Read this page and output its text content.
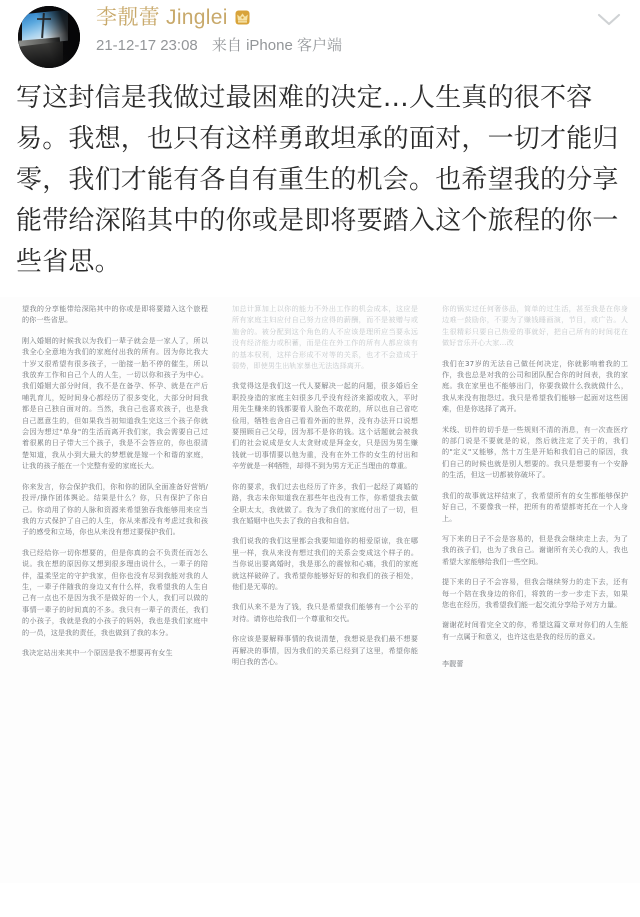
李靓蕾 Jinglei
21-12-17 23:08 来自 iPhone 客户端
写这封信是我做过最困难的决定…人生真的很不容易。我想，也只有这样勇敢坦承的面对，一切才能归零，我们才能有各自有重生的机会。也希望我的分享能带给深陷其中的你或是即将要踏入这个旅程的你一些省思。

望我的分享能带给深陷其中的你或是即将要踏入这个旅程的你一些省思。

刚入婚姻的时候我以为我们一辈子就会是一家人了，所以我全心全意地为我们的家庭付出我的所有。因为你比我大十岁又很希望有很多孩子，一胎接一胎不停的催生，所以我放弃工作和自己个人的人生，一切以你和孩子为中心。我们婚姻大部分时间，我不是在备孕、怀孕、就是在产后哺乳育儿，短时间身心都经历了很多变化，大部分时间我都是自己独自面对的。当然，我自己也喜欢孩子，也是我自己愿意生的，但如果我当初知道我生完这三个孩子你就会因为想过"单身"的生活而离开我们家，我会需要自己过着很累的日子带大三个孩子，我是不会答应的，你也很清楚知道，我从小到大最大的梦想就是嫁一个和谐的家庭，让我的孩子能在一个完整有爱的家庭长大。

你来发言，你会保护我们，你和你的团队全面准备好营销/投评/操作团体舆论。结果是什么？你，只有保护了你自己。你动用了你的人脉和资源来希望独吞我能够用来应当我的方式保护了自己的人生，你从来都没有考虑过我和孩子的感受和立场，你也从来没有想过要保护我们。

我已经给你一切你想要的，但是你真的会不负责任而怎么说。我在想的原因你又想到很多理由说什么，一辈子的陪伴，温柔坚定的守护我家，但你也没有尽到我能对我的人生，一辈子伴随我的身边又有什么样，我希望我的人生自己有一点也不是因为我不是做好的一个人，我们可以做的事情一辈子的时间真的不多。我只有一辈子的责任，我们的小孩子，我就是我的小孩子的妈妈，我也是我们家庭中的一员，这是我的责任，我也做到了我的本分。

我决定站出来其中一个原因是我不想要再有女生

加总计算加上以你的能力不外出工作的机会成本，这应是所有家庭主妇应付自己努力应得的薪酬，而不是被赠与或施舍的。被分配到这个角色的人不应该是理所应当要永远没有经济能力或积蓄，而是住在外工作的所有人都应该有的基本权利，这样合形成不对等的关系，也才不会造成于弱势，即使男生出轨家暴也无法选择离开。

我觉得这是我们这一代人要解决一起的问题，很多婚后全职投身造的家庭主妇很多几乎没有经济来源或收入，平时用先生赚来的钱都要看人脸色不敢花的，所以也自己省吃俭用，牺牲也舍自己看看外面的世界，没有办法开口说想要照顾自己父母，因为那不是你的钱。这个话题就会被我们的社会说成是女人太贪财或是拜金女，只是因为男生赚钱就一切事情要以他为重，没有在外工作的女生的付出和辛劳就是一种牺牲，却得不到为男方无正当理由的尊重。

你的要求，我们过去也经历了许多，我们一起经了离婚的路，我志未你知道我在那些年也没有工作，你希望我去做全职太太，我就做了。我为了我们的家庭付出了一切，但我在婚姻中也失去了我的自我和自信。

我们说我的我们这里都会我要知道你的相爱原谅，我在哪里一样，我从来没有想过我们的关系会变成这个样子的。当你说出要离婚时，我是那么的震惊和心痛，我们的家庭就这样破碎了。我希望你能够好好的和我们的孩子相处，他们是无辜的。

我们从来不是为了钱，我只是希望我们能够有一个公平的对待。请你也给我们一个尊重和交代。

你应该是要解释事情的我说清楚，我想说是我们最不想要再解决的事情，因为我们的关系已经到了这里，希望你能明白我的苦心。

你的锅实过任何奢侈品，简单的过生活，甚至我是在你身边难一鼓励你，不要为了赚钱睡画演，节目，或广告。人生很精彩只要自己热爱的事就好，把自己所有的时间花在做好音乐开心大家…改

我们在37岁的无法自己做任何决定，你就影响着我的工作，我也总是对我的公司和团队配合你的时间表，我的家庭。我在家里也不能够出门，你要我做什么我就做什么，我从来没有抱怨过。我只是希望我们能够一起面对这些困难，但是你选择了离开。

米线、切件的切手是一些规则不清的消息，有一次查医疗的部门说是不要就是的说，然后就注定了关于的，我们的"定义"又能够，然十万生是开始和我们自己的原因，我们自己的时候也就是别人想要的。我只是想要有一个安静的生活，但这一切都被你破坏了。

我们的故事就这样结束了，我希望所有的女生都能够保护好自己，不要像我一样，把所有的希望都寄托在一个人身上。

写下来的日子不会是容易的，但是我会继续走上去，为了我的孩子们，也为了我自己。谢谢所有关心我的人，我也希望大家能够给我们一些空间。

提下来的日子不会容易，但我会继续努力的走下去，还有每一个陪在我身边的你们，将敦的一步一步走下去，如果您也在经历，我希望我们能一起交流分享给予对方力量。

谢谢花时间看完全文的你，希望这篇文章对你们的人生能有一点属于和意义，也许这也是我的经历的意义。

李靓蕾
